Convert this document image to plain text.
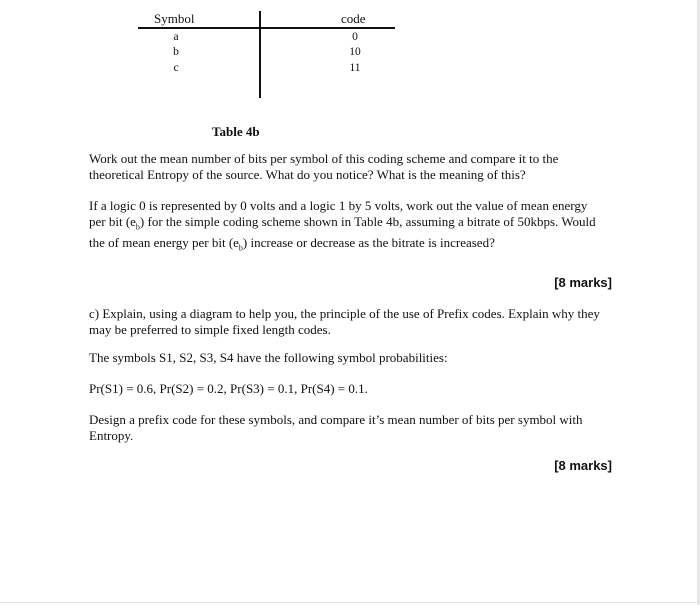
Symbol	code
a	0
b	10
c	11
Table 4b

Work out the mean number of bits per symbol of this coding scheme and compare it to the theoretical Entropy of the source. What do you notice? What is the meaning of this?

If a logic 0 is represented by 0 volts and a logic 1 by 5 volts, work out the value of mean energy per bit $(e_b)$ for the simple coding scheme shown in Table 4b, assuming a bitrate of 50kbps. Would the of mean energy per bit $(e_b)$ increase or decrease as the bitrate is increased?

[8 marks]

c) Explain, using a diagram to help you, the principle of the use of Prefix codes. Explain why they may be preferred to simple fixed length codes.

The symbols S1, S2, S3, S4 have the following symbol probabilities:

Pr(S1) = 0.6, Pr(S2) = 0.2, Pr(S3) = 0.1, Pr(S4) = 0.1.

Design a prefix code for these symbols, and compare it’s mean number of bits per symbol with Entropy.

[8 marks]
